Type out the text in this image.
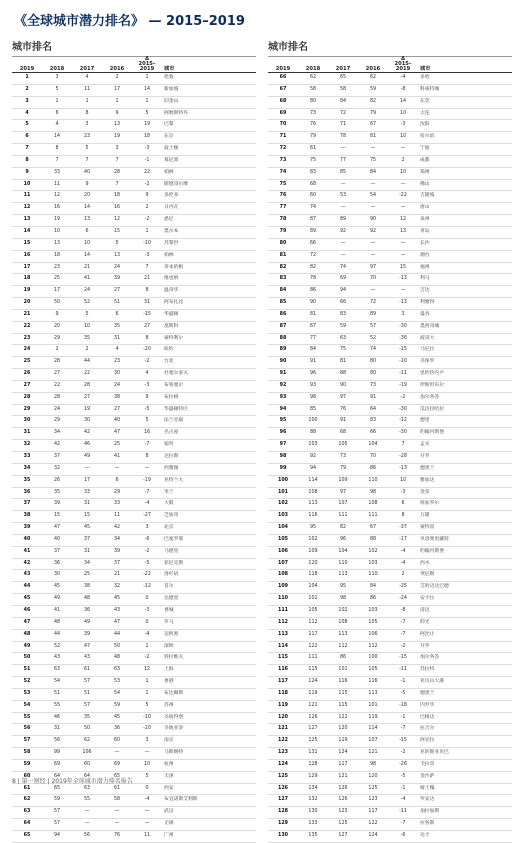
《全球城市潜力排名》 — 2015–2019
城市排名
2019	2018	2017	2016	Δ
2015–2019	城市
1	3	4	2	1	伦敦
2	5	11	17	14	新加坡
3	1	1	1	1	旧金山
4	6	8	9	5	阿姆斯特丹
5	4	3	13	19	巴黎
6	14	23	19	18	东京
7	8	5	3	-3	波士顿
8	7	7	7	-1	慕尼黑
9	33	40	28	22	柏林
10	11	9	7	-2	斯德哥尔摩
11	12	20	18	9	多伦多
12	16	14	16	2	日内瓦
13	19	13	12	-2	悉尼
14	10	6	15	1	墨尔本
15	13	10	5	-10	苏黎世
16	18	14	13	-3	柏林
17	23	21	24	7	哥本哈根
18	25	41	39	21	维也纳
19	17	24	27	8	温哥华
20	50	52	51	31	阿布扎比
21	9	5	6	-15	华盛顿
22	20	10	35	27	莫斯科
23	29	35	31	8	蒙特利尔
24	2	2	4	-20	纽约
25	28	44	23	-2	台北
26	27	22	30	4	杜塞尔多夫
27	22	28	24	-3	布鲁塞尔
28	28	27	38	9	布拉格
29	24	19	27	-5	华盛顿特区
30	29	30	40	5	法兰克福
31	34	42	47	16	名古屋
32	42	46	25	-7	迪拜
33	37	49	41	8	达拉斯
34	32	—	—	—	西雅图
35	26	17	6	-19	亚特兰大
36	35	33	29	-7	米兰
37	39	31	33	-4	大阪
38	15	15	11	-27	芝加哥
39	47	45	42	3	北京
40	40	37	34	-6	巴塞罗那
41	37	31	39	-2	马德里
42	36	34	37	-5	菲尼克斯
43	30	25	21	-22	洛杉矶
44	45	38	32	-12	首尔
45	49	48	45	0	达德里
46	41	36	43	-3	香城
47	48	49	47	0	罗马
48	44	39	44	-4	迈阿密
49	52	47	50	1	深圳
50	43	43	48	-2	特拉维夫
51	63	61	63	12	上海
52	54	57	53	1	香港
53	51	51	54	1	布达佩斯
54	55	57	59	5	苏州
55	46	35	45	-10	圣彼得堡
56	31	50	36	-20	圣地亚哥
57	56	62	60	3	南京
58	99	106	—	—	马斯喀特
59	69	60	69	10	杭州
60	64	64	65	5	天津
61	65	63	61	0	西安
62	59	55	58	-4	布宜诺斯艾利斯
63	57	—	—	—	武汉
64	57	—	—	—	无锡
65	94	56	76	11	广州
城市排名
2019	2018	2017	2016	Δ
2015–2019	城市
66	62	65	62	-4	多哈
67	58	58	59	-8	科威特城
68	80	84	82	14	东莞
69	73	72	79	10	大连
70	76	71	67	-3	沈阳
71	79	78	81	10	哈尔滨
72	61	—	—	—	宁波
73	75	77	75	2	成都
74	83	85	84	10	郑州
75	68	—	—	—	佛山
76	60	53	54	-22	吉隆坡
77	74	—	—	—	唐山
78	87	89	90	12	泉州
79	89	92	92	13	青岛
80	66	—	—	—	长沙
81	72	—	—	—	烟台
82	82	74	97	15	福州
83	78	69	70	-13	利马
84	86	94	—	—	吉达
85	90	66	72	-13	利雅得
86	81	83	89	3	曼谷
87	67	59	57	-30	墨西哥城
88	77	63	52	-36	波哥大
89	84	75	74	-15	马尼拉
90	91	81	80	-10	圣保罗
91	96	88	80	-11	里约热内卢
92	93	90	73	-19	伊斯坦布尔
93	98	97	91	-2	加尔各答
94	85	76	64	-30	瓜达拉哈拉
95	100	91	83	-12	德里
96	88	68	66	-30	约翰内斯堡
97	103	105	104	7	孟买
98	92	73	70	-28	开罗
99	94	79	86	-13	德黑兰
100	114	109	110	10	雅加达
101	108	97	98	-3	金奈
102	113	107	108	6	班加罗尔
103	116	111	111	8	万隆
104	95	82	67	-37	蒙特雷
105	102	96	88	-17	贝洛奥里藏特
106	109	104	102	-4	约翰内斯堡
107	120	110	103	-4	西水
108	118	113	110	2	突尼斯
109	104	95	84	-25	艾哈迈达巴德
110	101	98	86	-24	安卡拉
111	105	102	103	-8	清迈
112	112	108	105	-7	仰光
113	117	113	106	-7	阿比让
114	122	112	112	-2	开罗
115	111	86	100	-15	加尔各答
116	115	101	105	-11	苏拉特
117	124	116	116	-1	亚历山大港
118	119	115	113	-5	德黑兰
119	121	115	101	-18	内罗毕
120	126	122	119	-1	巴格达
121	127	120	114	-7	拉合尔
122	125	119	107	-15	阿克拉
123	131	124	121	-2	亚的斯亚贝巴
124	128	117	98	-26	卡拉奇
125	129	121	120	-5	金沙萨
126	134	126	125	-1	喀土穆
127	132	126	123	-4	罗安达
128	130	123	117	-11	加拉加斯
129	133	125	122	-7	拉各斯
130	135	127	124	-6	达卡
8 | 第一财经 | 2019年全球城市潜力排名报告
